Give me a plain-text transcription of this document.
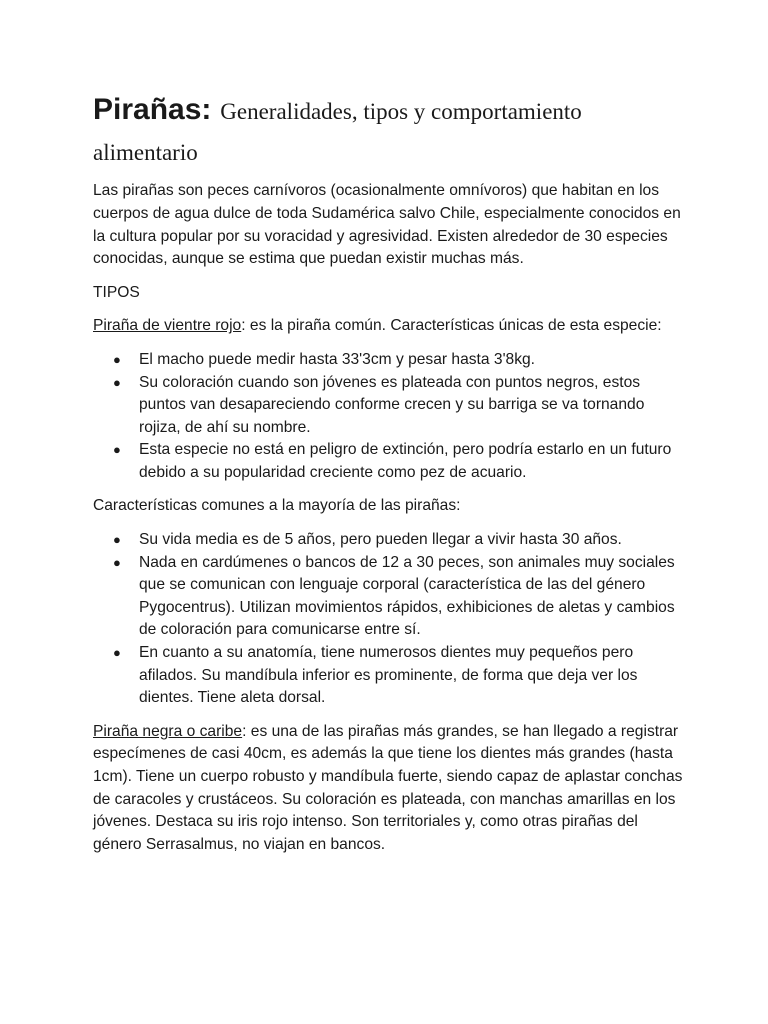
Pirañas: Generalidades, tipos y comportamiento alimentario

Las pirañas son peces carnívoros (ocasionalmente omnívoros) que habitan en los cuerpos de agua dulce de toda Sudamérica salvo Chile, especialmente conocidos en la cultura popular por su voracidad y agresividad. Existen alrededor de 30 especies conocidas, aunque se estima que puedan existir muchas más.

TIPOS

Piraña de vientre rojo: es la piraña común. Características únicas de esta especie:

● El macho puede medir hasta 33'3cm y pesar hasta 3'8kg.
● Su coloración cuando son jóvenes es plateada con puntos negros, estos puntos van desapareciendo conforme crecen y su barriga se va tornando rojiza, de ahí su nombre.
● Esta especie no está en peligro de extinción, pero podría estarlo en un futuro debido a su popularidad creciente como pez de acuario.

Características comunes a la mayoría de las pirañas:

● Su vida media es de 5 años, pero pueden llegar a vivir hasta 30 años.
● Nada en cardúmenes o bancos de 12 a 30 peces, son animales muy sociales que se comunican con lenguaje corporal (característica de las del género Pygocentrus). Utilizan movimientos rápidos, exhibiciones de aletas y cambios de coloración para comunicarse entre sí.
● En cuanto a su anatomía, tiene numerosos dientes muy pequeños pero afilados. Su mandíbula inferior es prominente, de forma que deja ver los dientes. Tiene aleta dorsal.

Piraña negra o caribe: es una de las pirañas más grandes, se han llegado a registrar especímenes de casi 40cm, es además la que tiene los dientes más grandes (hasta 1cm). Tiene un cuerpo robusto y mandíbula fuerte, siendo capaz de aplastar conchas de caracoles y crustáceos. Su coloración es plateada, con manchas amarillas en los jóvenes. Destaca su iris rojo intenso. Son territoriales y, como otras pirañas del género Serrasalmus, no viajan en bancos.
